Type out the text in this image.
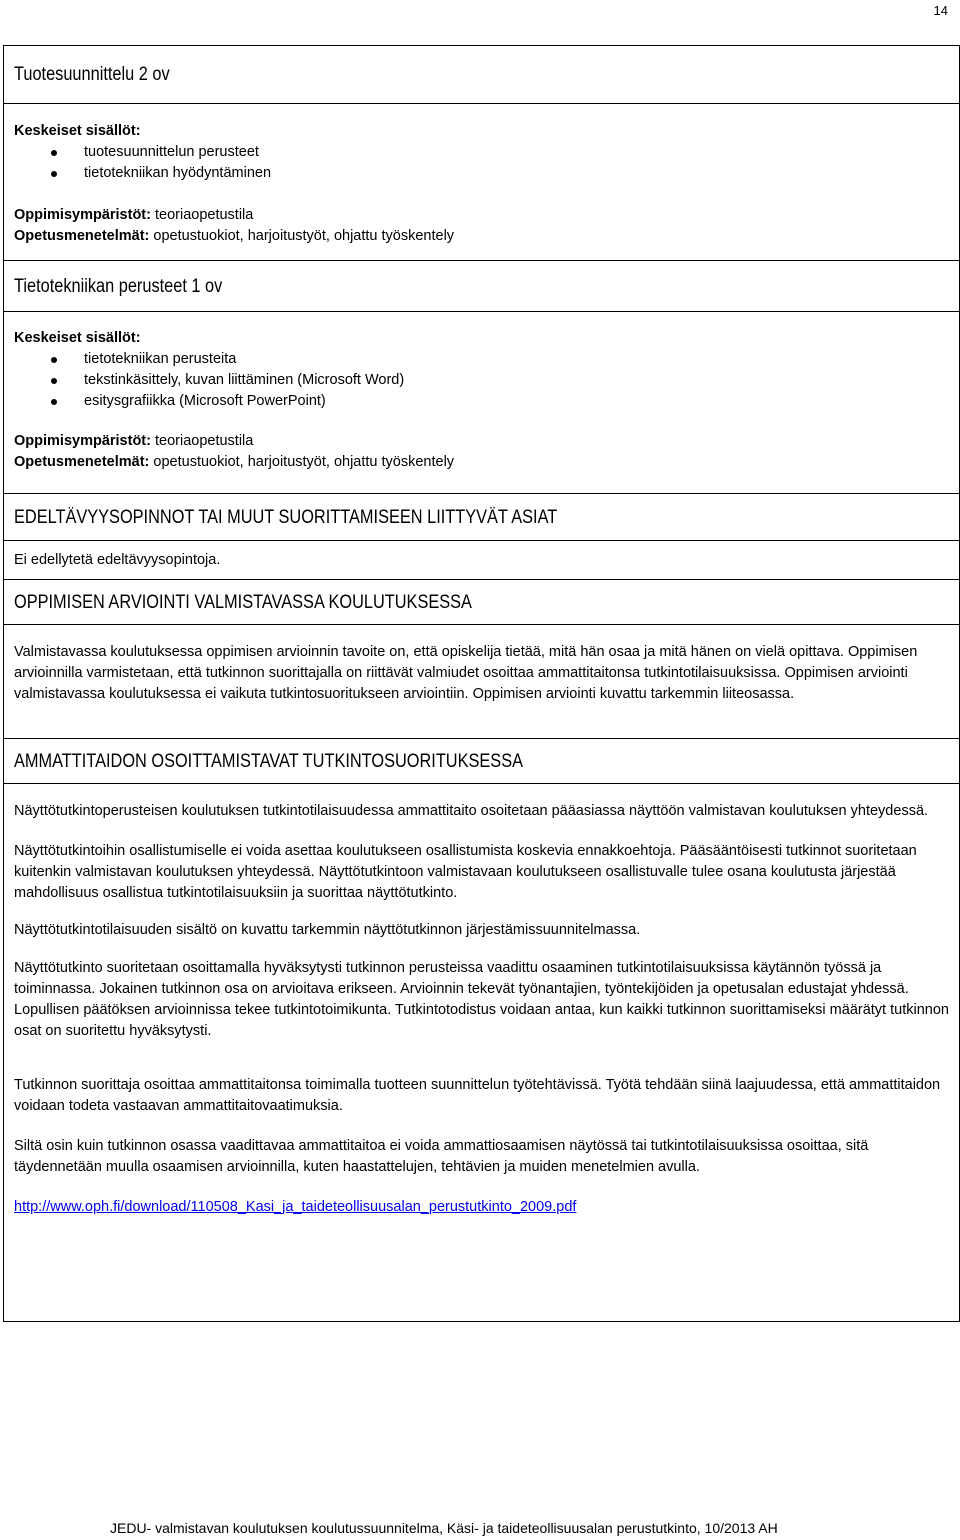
14
Tuotesuunnittelu 2 ov

Keskeiset sisällöt:

tuotesuunnittelun perusteet
tietotekniikan hyödyntäminen

Oppimisympäristöt: teoriaopetustila

Opetusmenetelmät: opetustuokiot, harjoitustyöt, ohjattu työskentely

Tietotekniikan perusteet 1 ov

Keskeiset sisällöt:

tietotekniikan perusteita
tekstinkäsittely, kuvan liittäminen (Microsoft Word)
esitysgrafiikka (Microsoft PowerPoint)

Oppimisympäristöt: teoriaopetustila

Opetusmenetelmät: opetustuokiot, harjoitustyöt, ohjattu työskentely

EDELTÄVYYSOPINNOT TAI MUUT SUORITTAMISEEN LIITTYVÄT ASIAT

Ei edellytetä edeltävyysopintoja.

OPPIMISEN ARVIOINTI VALMISTAVASSA KOULUTUKSESSA

Valmistavassa koulutuksessa oppimisen arvioinnin tavoite on, että opiskelija tietää, mitä hän osaa ja mitä hänen on vielä opittava. Oppimisen arvioinnilla varmistetaan, että tutkinnon suorittajalla on riittävät valmiudet osoittaa ammattitaitonsa tutkintotilaisuuksissa. Oppimisen arviointi valmistavassa koulutuksessa ei vaikuta tutkintosuoritukseen arviointiin. Oppimisen arviointi kuvattu tarkemmin liiteosassa.

AMMATTITAIDON OSOITTAMISTAVAT TUTKINTOSUORITUKSESSA

Näyttötutkintoperusteisen koulutuksen tutkintotilaisuudessa ammattitaito osoitetaan pääasiassa näyttöön valmistavan koulutuksen yhteydessä.

Näyttötutkintoihin osallistumiselle ei voida asettaa koulutukseen osallistumista koskevia ennakkoehtoja. Pääsääntöisesti tutkinnot suoritetaan kuitenkin valmistavan koulutuksen yhteydessä. Näyttötutkintoon valmistavaan koulutukseen osallistuvalle tulee osana koulutusta järjestää mahdollisuus osallistua tutkintotilaisuuksiin ja suorittaa näyttötutkinto.

Näyttötutkintotilaisuuden sisältö on kuvattu tarkemmin näyttötutkinnon järjestämissuunnitelmassa.

Näyttötutkinto suoritetaan osoittamalla hyväksytysti tutkinnon perusteissa vaadittu osaaminen tutkintotilaisuuksissa käytännön työssä ja toiminnassa. Jokainen tutkinnon osa on arvioitava erikseen. Arvioinnin tekevät työnantajien, työntekijöiden ja opetusalan edustajat yhdessä. Lopullisen päätöksen arvioinnissa tekee tutkintotoimikunta. Tutkintotodistus voidaan antaa, kun kaikki tutkinnon suorittamiseksi määrätyt tutkinnon osat on suoritettu hyväksytysti.

Tutkinnon suorittaja osoittaa ammattitaitonsa toimimalla tuotteen suunnittelun työtehtävissä. Työtä tehdään siinä laajuudessa, että ammattitaidon voidaan todeta vastaavan ammattitaitovaatimuksia.

Siltä osin kuin tutkinnon osassa vaadittavaa ammattitaitoa ei voida ammattiosaamisen näytössä tai tutkintotilaisuuksissa osoittaa, sitä täydennetään muulla osaamisen arvioinnilla, kuten haastattelujen, tehtävien ja muiden menetelmien avulla.

http://www.oph.fi/download/110508_Kasi_ja_taideteollisuusalan_perustutkinto_2009.pdf

JEDU- valmistavan koulutuksen koulutussuunnitelma, Käsi- ja taideteollisuusalan perustutkinto, 10/2013 AH
